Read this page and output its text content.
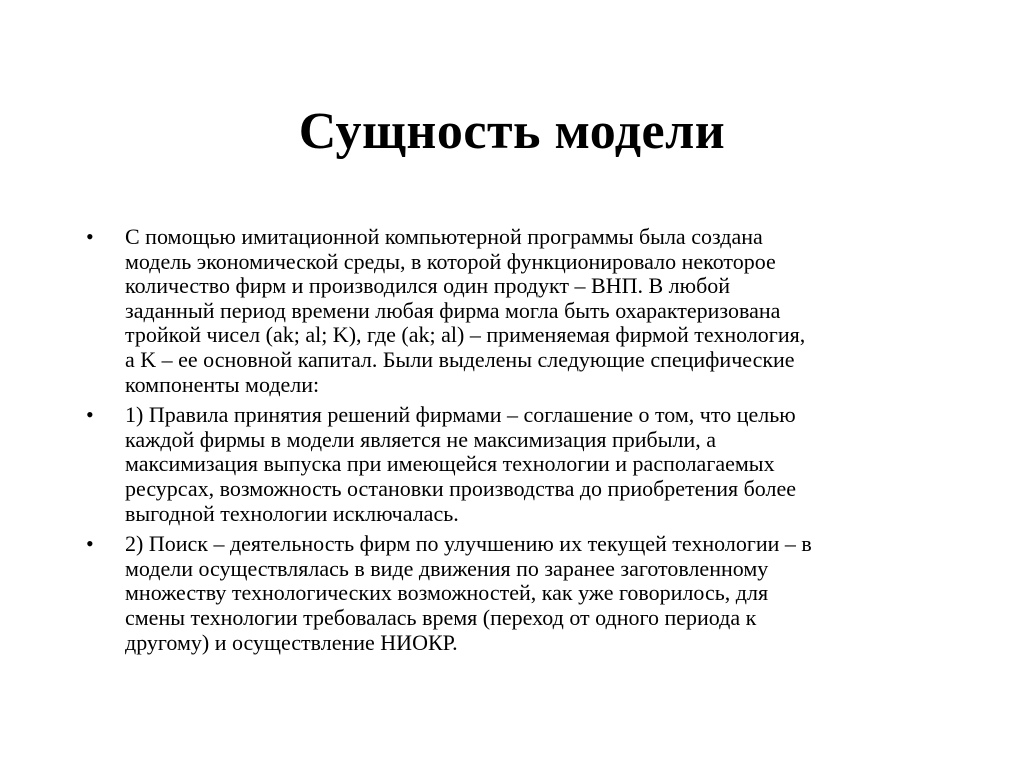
Сущность модели
•	С помощью имитационной компьютерной программы была создана
модель экономической среды, в которой функционировало некоторое
количество фирм и производился один продукт – ВНП. В любой
заданный период времени любая фирма могла быть охарактеризована
тройкой чисел (ak; al; K), где (ak; al) – применяемая фирмой технология,
а K – ее основной капитал. Были выделены следующие специфические
компоненты модели:
•	1) Правила принятия решений фирмами – соглашение о том, что целью
каждой фирмы в модели является не максимизация прибыли, а
максимизация выпуска при имеющейся технологии и располагаемых
ресурсах, возможность остановки производства до приобретения более
выгодной технологии исключалась.
•	2) Поиск – деятельность фирм по улучшению их текущей технологии – в
модели осуществлялась в виде движения по заранее заготовленному
множеству технологических возможностей, как уже говорилось, для
смены технологии требовалась время (переход от одного периода к
другому) и осуществление НИОКР.
